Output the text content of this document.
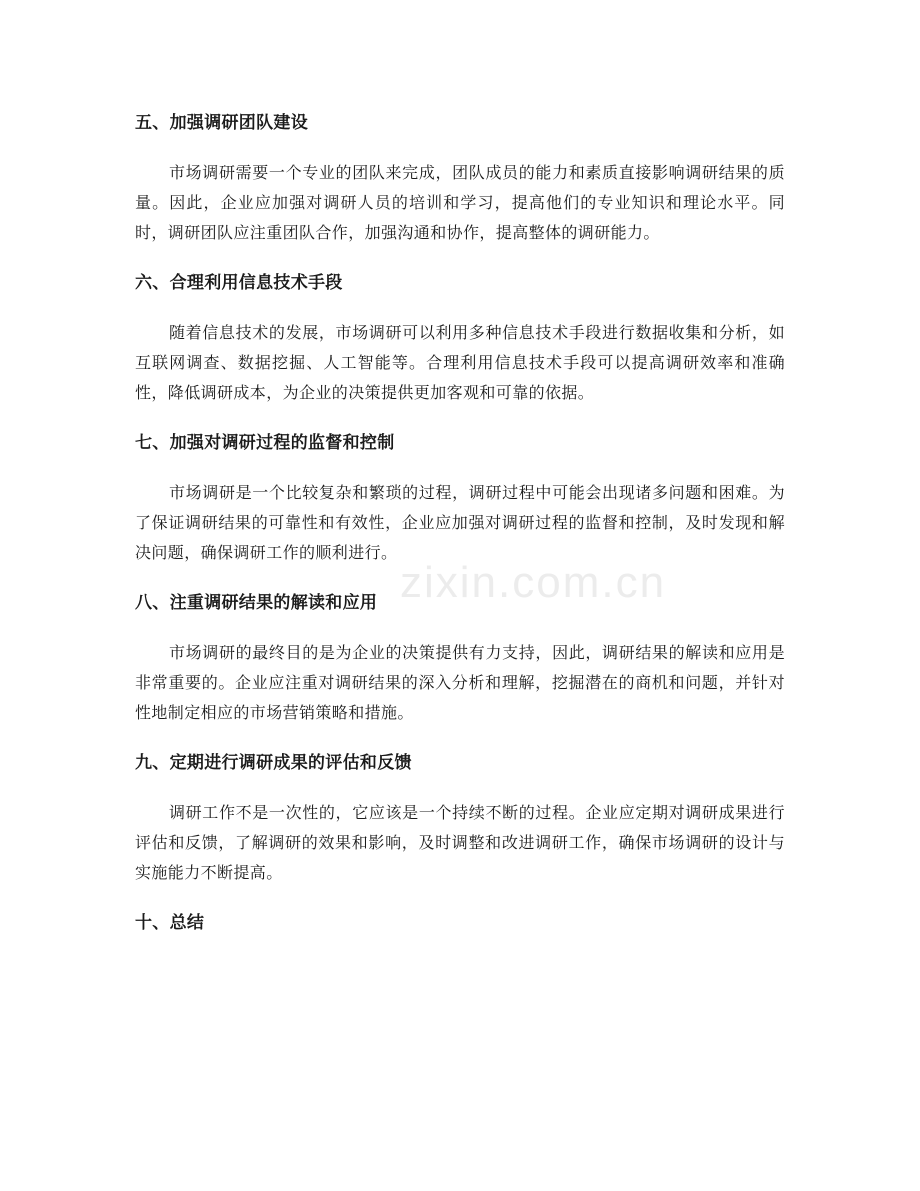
zixin.com.cn
五、加强调研团队建设

市场调研需要一个专业的团队来完成，团队成员的能力和素质直接影响调研结果的质量。因此，企业应加强对调研人员的培训和学习，提高他们的专业知识和理论水平。同时，调研团队应注重团队合作，加强沟通和协作，提高整体的调研能力。

六、合理利用信息技术手段

随着信息技术的发展，市场调研可以利用多种信息技术手段进行数据收集和分析，如互联网调查、数据挖掘、人工智能等。合理利用信息技术手段可以提高调研效率和准确性，降低调研成本，为企业的决策提供更加客观和可靠的依据。

七、加强对调研过程的监督和控制

市场调研是一个比较复杂和繁琐的过程，调研过程中可能会出现诸多问题和困难。为了保证调研结果的可靠性和有效性，企业应加强对调研过程的监督和控制，及时发现和解决问题，确保调研工作的顺利进行。

八、注重调研结果的解读和应用

市场调研的最终目的是为企业的决策提供有力支持，因此，调研结果的解读和应用是非常重要的。企业应注重对调研结果的深入分析和理解，挖掘潜在的商机和问题，并针对性地制定相应的市场营销策略和措施。

九、定期进行调研成果的评估和反馈

调研工作不是一次性的，它应该是一个持续不断的过程。企业应定期对调研成果进行评估和反馈，了解调研的效果和影响，及时调整和改进调研工作，确保市场调研的设计与实施能力不断提高。

十、总结
